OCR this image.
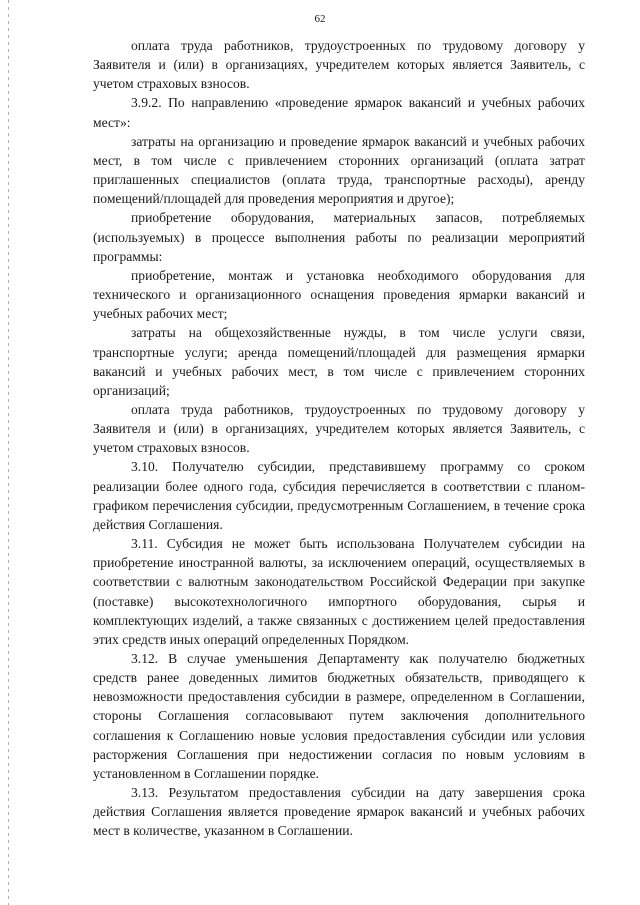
62

оплата труда работников, трудоустроенных по трудовому договору у Заявителя и (или) в организациях, учредителем которых является Заявитель, с учетом страховых взносов.

3.9.2. По направлению «проведение ярмарок вакансий и учебных рабочих мест»:

затраты на организацию и проведение ярмарок вакансий и учебных рабочих мест, в том числе с привлечением сторонних организаций (оплата затрат приглашенных специалистов (оплата труда, транспортные расходы), аренду помещений/площадей для проведения мероприятия и другое);

приобретение оборудования, материальных запасов, потребляемых (используемых) в процессе выполнения работы по реализации мероприятий программы:

приобретение, монтаж и установка необходимого оборудования для технического и организационного оснащения проведения ярмарки вакансий и учебных рабочих мест;

затраты на общехозяйственные нужды, в том числе услуги связи, транспортные услуги; аренда помещений/площадей для размещения ярмарки вакансий и учебных рабочих мест, в том числе с привлечением сторонних организаций;

оплата труда работников, трудоустроенных по трудовому договору у Заявителя и (или) в организациях, учредителем которых является Заявитель, с учетом страховых взносов.

3.10. Получателю субсидии, представившему программу со сроком реализации более одного года, субсидия перечисляется в соответствии с планом-графиком перечисления субсидии, предусмотренным Соглашением, в течение срока действия Соглашения.

3.11. Субсидия не может быть использована Получателем субсидии на приобретение иностранной валюты, за исключением операций, осуществляемых в соответствии с валютным законодательством Российской Федерации при закупке (поставке) высокотехнологичного импортного оборудования, сырья и комплектующих изделий, а также связанных с достижением целей предоставления этих средств иных операций определенных Порядком.

3.12. В случае уменьшения Департаменту как получателю бюджетных средств ранее доведенных лимитов бюджетных обязательств, приводящего к невозможности предоставления субсидии в размере, определенном в Соглашении, стороны Соглашения согласовывают путем заключения дополнительного соглашения к Соглашению новые условия предоставления субсидии или условия расторжения Соглашения при недостижении согласия по новым условиям в установленном в Соглашении порядке.

3.13. Результатом предоставления субсидии на дату завершения срока действия Соглашения является проведение ярмарок вакансий и учебных рабочих мест в количестве, указанном в Соглашении.
